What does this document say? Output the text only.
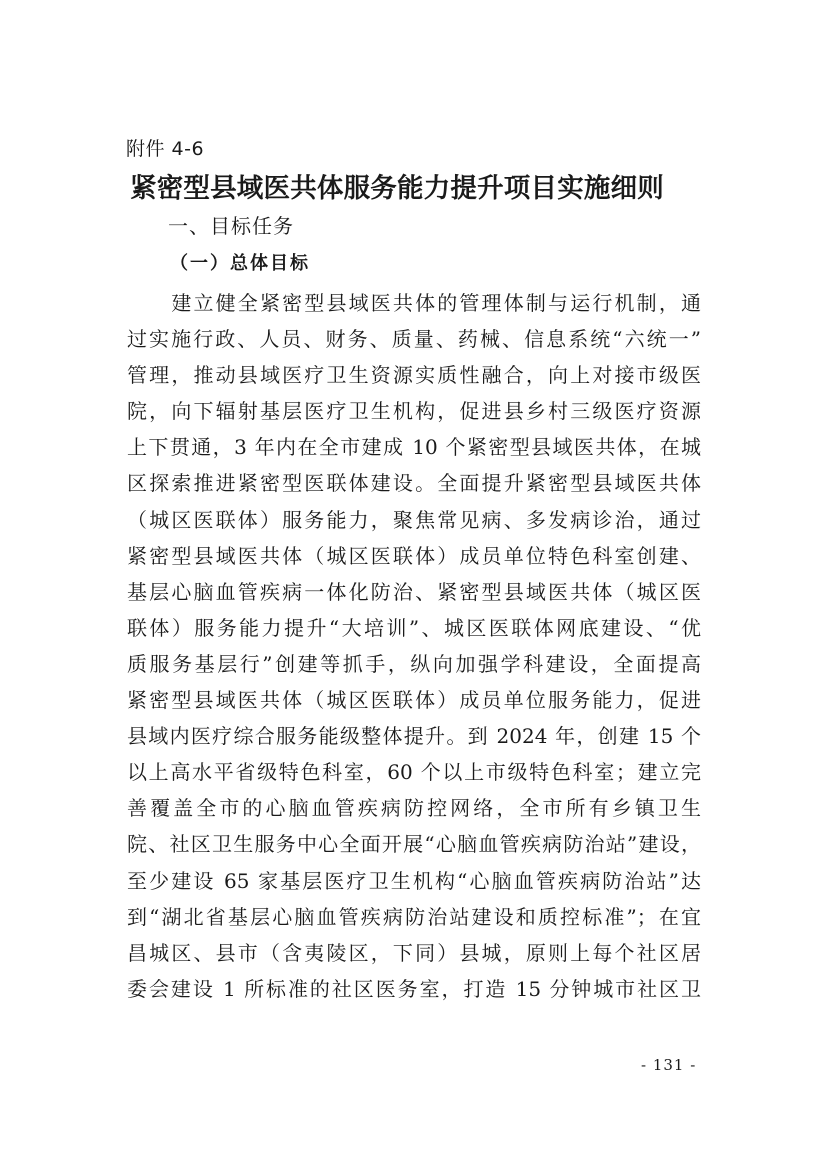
附件 4-6
紧密型县域医共体服务能力提升项目实施细则
一、目标任务
（一）总体目标
　　建立健全紧密型县域医共体的管理体制与运行机制，通
过实施行政、人员、财务、质量、药械、信息系统“六统一”
管理，推动县域医疗卫生资源实质性融合，向上对接市级医
院，向下辐射基层医疗卫生机构，促进县乡村三级医疗资源
上下贯通，3 年内在全市建成 10 个紧密型县域医共体，在城
区探索推进紧密型医联体建设。全面提升紧密型县域医共体
（城区医联体）服务能力，聚焦常见病、多发病诊治，通过
紧密型县域医共体（城区医联体）成员单位特色科室创建、
基层心脑血管疾病一体化防治、紧密型县域医共体（城区医
联体）服务能力提升“大培训”、城区医联体网底建设、“优
质服务基层行”创建等抓手，纵向加强学科建设，全面提高
紧密型县域医共体（城区医联体）成员单位服务能力，促进
县域内医疗综合服务能级整体提升。到 2024 年，创建 15 个
以上高水平省级特色科室，60 个以上市级特色科室；建立完
善覆盖全市的心脑血管疾病防控网络，全市所有乡镇卫生
院、社区卫生服务中心全面开展“心脑血管疾病防治站”建设，
至少建设 65 家基层医疗卫生机构“心脑血管疾病防治站”达
到“湖北省基层心脑血管疾病防治站建设和质控标准”；在宜
昌城区、县市（含夷陵区，下同）县城，原则上每个社区居
委会建设 1 所标准的社区医务室，打造 15 分钟城市社区卫
- 131 -
